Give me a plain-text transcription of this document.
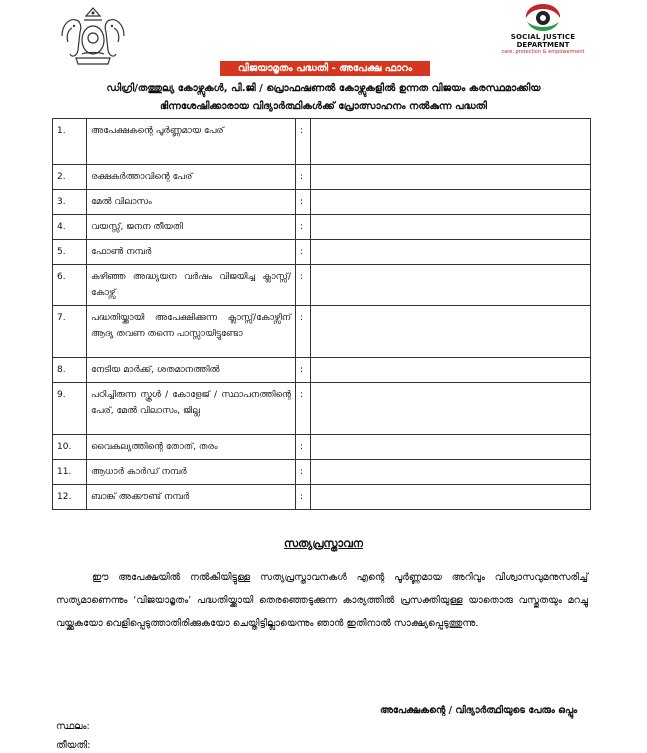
SOCIAL JUSTICE
DEPARTMENT
care, protection & empowerment
വിജയാമൃതം പദ്ധതി - അപേക്ഷ ഫാറം
ഡിഗ്രി/തത്തുല്യ കോഴ്സുകൾ, പി.ജി / പ്രൊഫഷണൽ കോഴ്സുകളിൽ ഉന്നത വിജയം കരസ്ഥമാക്കിയ
ഭിന്നശേഷിക്കാരായ വിദ്യാർത്ഥികൾക്ക് പ്രോത്സാഹനം നൽകുന്ന പദ്ധതി
1.	അപേക്ഷകന്റെ പൂർണ്ണമായ പേര്	:	
2.	രക്ഷകർത്താവിന്റെ പേര്	:	
3.	മേൽ വിലാസം	:	
4.	വയസ്സ്, ജനന തീയതി	:	
5.	ഫോൺ നമ്പർ	:	
6.	കഴിഞ്ഞ അദ്ധ്യയന വർഷം വിജയിച്ച ക്ലാസ്സ്/കോഴ്സ്	:	
7.	പദ്ധതിയ്ക്കായി അപേക്ഷിക്കുന്ന ക്ലാസ്സ്/കോഴ്സിന് ആദ്യ തവണ തന്നെ പാസ്സായിട്ടുണ്ടോ	:	
8.	നേടിയ മാർക്ക്, ശതമാനത്തിൽ	:	
9.	പഠിച്ചിരുന്ന സ്കൂൾ / കോളേജ് / സ്ഥാപനത്തിന്റെ പേര്, മേൽ വിലാസം, ജില്ല	:	
10.	വൈകല്യത്തിന്റെ തോത്, തരം	:	
11.	ആധാർ കാർഡ് നമ്പർ	:	
12.	ബാങ്ക് അക്കൗണ്ട് നമ്പർ	:	
സത്യപ്രസ്താവന
ഈ അപേക്ഷയിൽ നൽകിയിട്ടുള്ള സത്യപ്രസ്താവനകൾ എന്റെ പൂർണ്ണമായ അറിവും വിശ്വാസവുമനുസരിച്ച് സത്യമാണെന്നും ‘വിജയാമൃതം’ പദ്ധതിയ്ക്കായി തെരഞ്ഞെടുക്കുന്ന കാര്യത്തിൽ പ്രസക്തിയുള്ള യാതൊരു വസ്തുതയും മറച്ചു വയ്ക്കുകയോ വെളിപ്പെടുത്താതിരിക്കുകയോ ചെയ്തിട്ടില്ലായെന്നും ഞാൻ ഇതിനാൽ സാക്ഷ്യപ്പെടുത്തുന്നു.
അപേക്ഷകന്റെ / വിദ്യാർത്ഥിയുടെ പേരും ഒപ്പും
സ്ഥലം:
തീയതി:
